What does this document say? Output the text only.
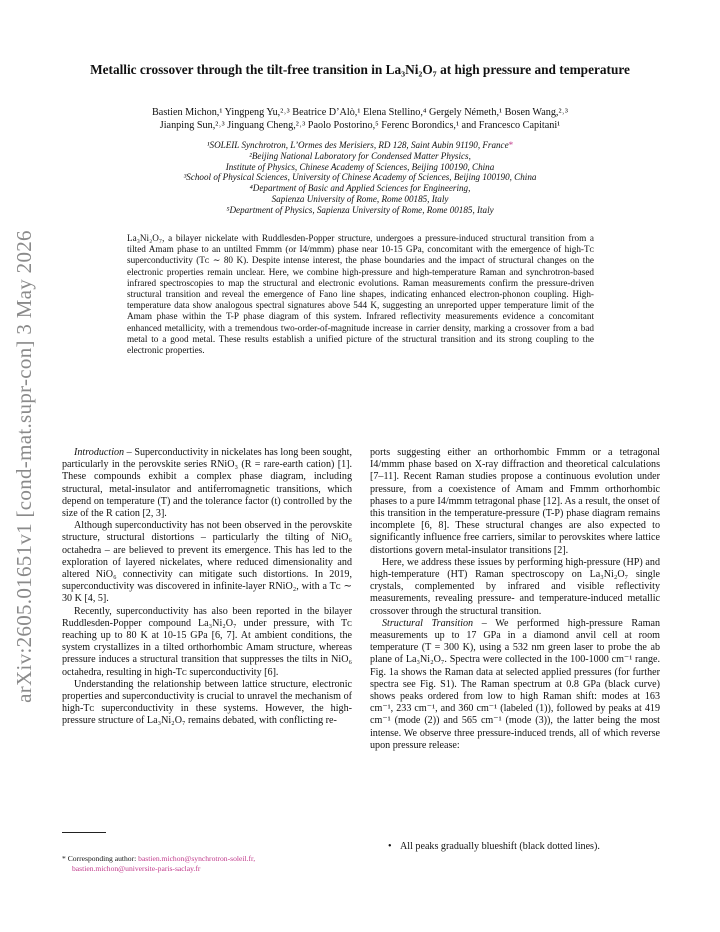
arXiv:2605.01651v1 [cond-mat.supr-con] 3 May 2026
Metallic crossover through the tilt-free transition in La₃Ni₂O₇ at high pressure and temperature
Bastien Michon,¹ Yingpeng Yu,²˒³ Beatrice D’Alò,¹ Elena Stellino,⁴ Gergely Németh,¹ Bosen Wang,²˒³
Jianping Sun,²˒³ Jinguang Cheng,²˒³ Paolo Postorino,⁵ Ferenc Borondics,¹ and Francesco Capitani¹
¹SOLEIL Synchrotron, L’Ormes des Merisiers, RD 128, Saint Aubin 91190, France*
²Beijing National Laboratory for Condensed Matter Physics,
Institute of Physics, Chinese Academy of Sciences, Beijing 100190, China
³School of Physical Sciences, University of Chinese Academy of Sciences, Beijing 100190, China
⁴Department of Basic and Applied Sciences for Engineering,
Sapienza University of Rome, Rome 00185, Italy
⁵Department of Physics, Sapienza University of Rome, Rome 00185, Italy
La₃Ni₂O₇, a bilayer nickelate with Ruddlesden-Popper structure, undergoes a pressure-induced structural transition from a tilted Amam phase to an untilted Fmmm (or I4/mmm) phase near 10-15 GPa, concomitant with the emergence of high-Tᴄ superconductivity (Tᴄ ∼ 80 K). Despite intense interest, the phase boundaries and the impact of structural changes on the electronic properties remain unclear. Here, we combine high-pressure and high-temperature Raman and synchrotron-based infrared spectroscopies to map the structural and electronic evolutions. Raman measurements confirm the pressure-driven structural transition and reveal the emergence of Fano line shapes, indicating enhanced electron-phonon coupling. High-temperature data show analogous spectral signatures above 544 K, suggesting an unreported upper temperature limit of the Amam phase within the T-P phase diagram of this system. Infrared reflectivity measurements evidence a concomitant enhanced metallicity, with a tremendous two-order-of-magnitude increase in carrier density, marking a crossover from a bad metal to a good metal. These results establish a unified picture of the structural transition and its strong coupling to the electronic properties.

Introduction – Superconductivity in nickelates has long been sought, particularly in the perovskite series RNiO₃ (R = rare-earth cation) [1]. These compounds exhibit a complex phase diagram, including structural, metal-insulator and antiferromagnetic transitions, which depend on temperature (T) and the tolerance factor (t) controlled by the size of the R cation [2, 3].

Although superconductivity has not been observed in the perovskite structure, structural distortions – particularly the tilting of NiO₆ octahedra – are believed to prevent its emergence. This has led to the exploration of layered nickelates, where reduced dimensionality and altered NiO₆ connectivity can mitigate such distortions. In 2019, superconductivity was discovered in infinite-layer RNiO₂, with a Tᴄ ∼ 30 K [4, 5].

Recently, superconductivity has also been reported in the bilayer Ruddlesden-Popper compound La₃Ni₂O₇ under pressure, with Tᴄ reaching up to 80 K at 10-15 GPa [6, 7]. At ambient conditions, the system crystallizes in a tilted orthorhombic Amam structure, whereas pressure induces a structural transition that suppresses the tilts in NiO₆ octahedra, resulting in high-Tᴄ superconductivity [6].

Understanding the relationship between lattice structure, electronic properties and superconductivity is crucial to unravel the mechanism of high-Tᴄ superconductivity in these systems. However, the high-pressure structure of La₃Ni₂O₇ remains debated, with conflicting re-

ports suggesting either an orthorhombic Fmmm or a tetragonal I4/mmm phase based on X-ray diffraction and theoretical calculations [7–11]. Recent Raman studies propose a continuous evolution under pressure, from a coexistence of Amam and Fmmm orthorhombic phases to a pure I4/mmm tetragonal phase [12]. As a result, the onset of this transition in the temperature-pressure (T-P) phase diagram remains incomplete [6, 8]. These structural changes are also expected to significantly influence free carriers, similar to perovskites where lattice distortions govern metal-insulator transitions [2].

Here, we address these issues by performing high-pressure (HP) and high-temperature (HT) Raman spectroscopy on La₃Ni₂O₇ single crystals, complemented by infrared and visible reflectivity measurements, revealing pressure- and temperature-induced metallic crossover through the structural transition.

Structural Transition – We performed high-pressure Raman measurements up to 17 GPa in a diamond anvil cell at room temperature (T = 300 K), using a 532 nm green laser to probe the ab plane of La₃Ni₂O₇. Spectra were collected in the 100-1000 cm⁻¹ range. Fig. 1a shows the Raman data at selected applied pressures (for further spectra see Fig. S1). The Raman spectrum at 0.8 GPa (black curve) shows peaks ordered from low to high Raman shift: modes at 163 cm⁻¹, 233 cm⁻¹, and 360 cm⁻¹ (labeled (1)), followed by peaks at 419 cm⁻¹ (mode (2)) and 565 cm⁻¹ (mode (3)), the latter being the most intense. We observe three pressure-induced trends, all of which reverse upon pressure release:

• All peaks gradually blueshift (black dotted lines).
* Corresponding author: bastien.michon@synchrotron-soleil.fr,
bastien.michon@universite-paris-saclay.fr
